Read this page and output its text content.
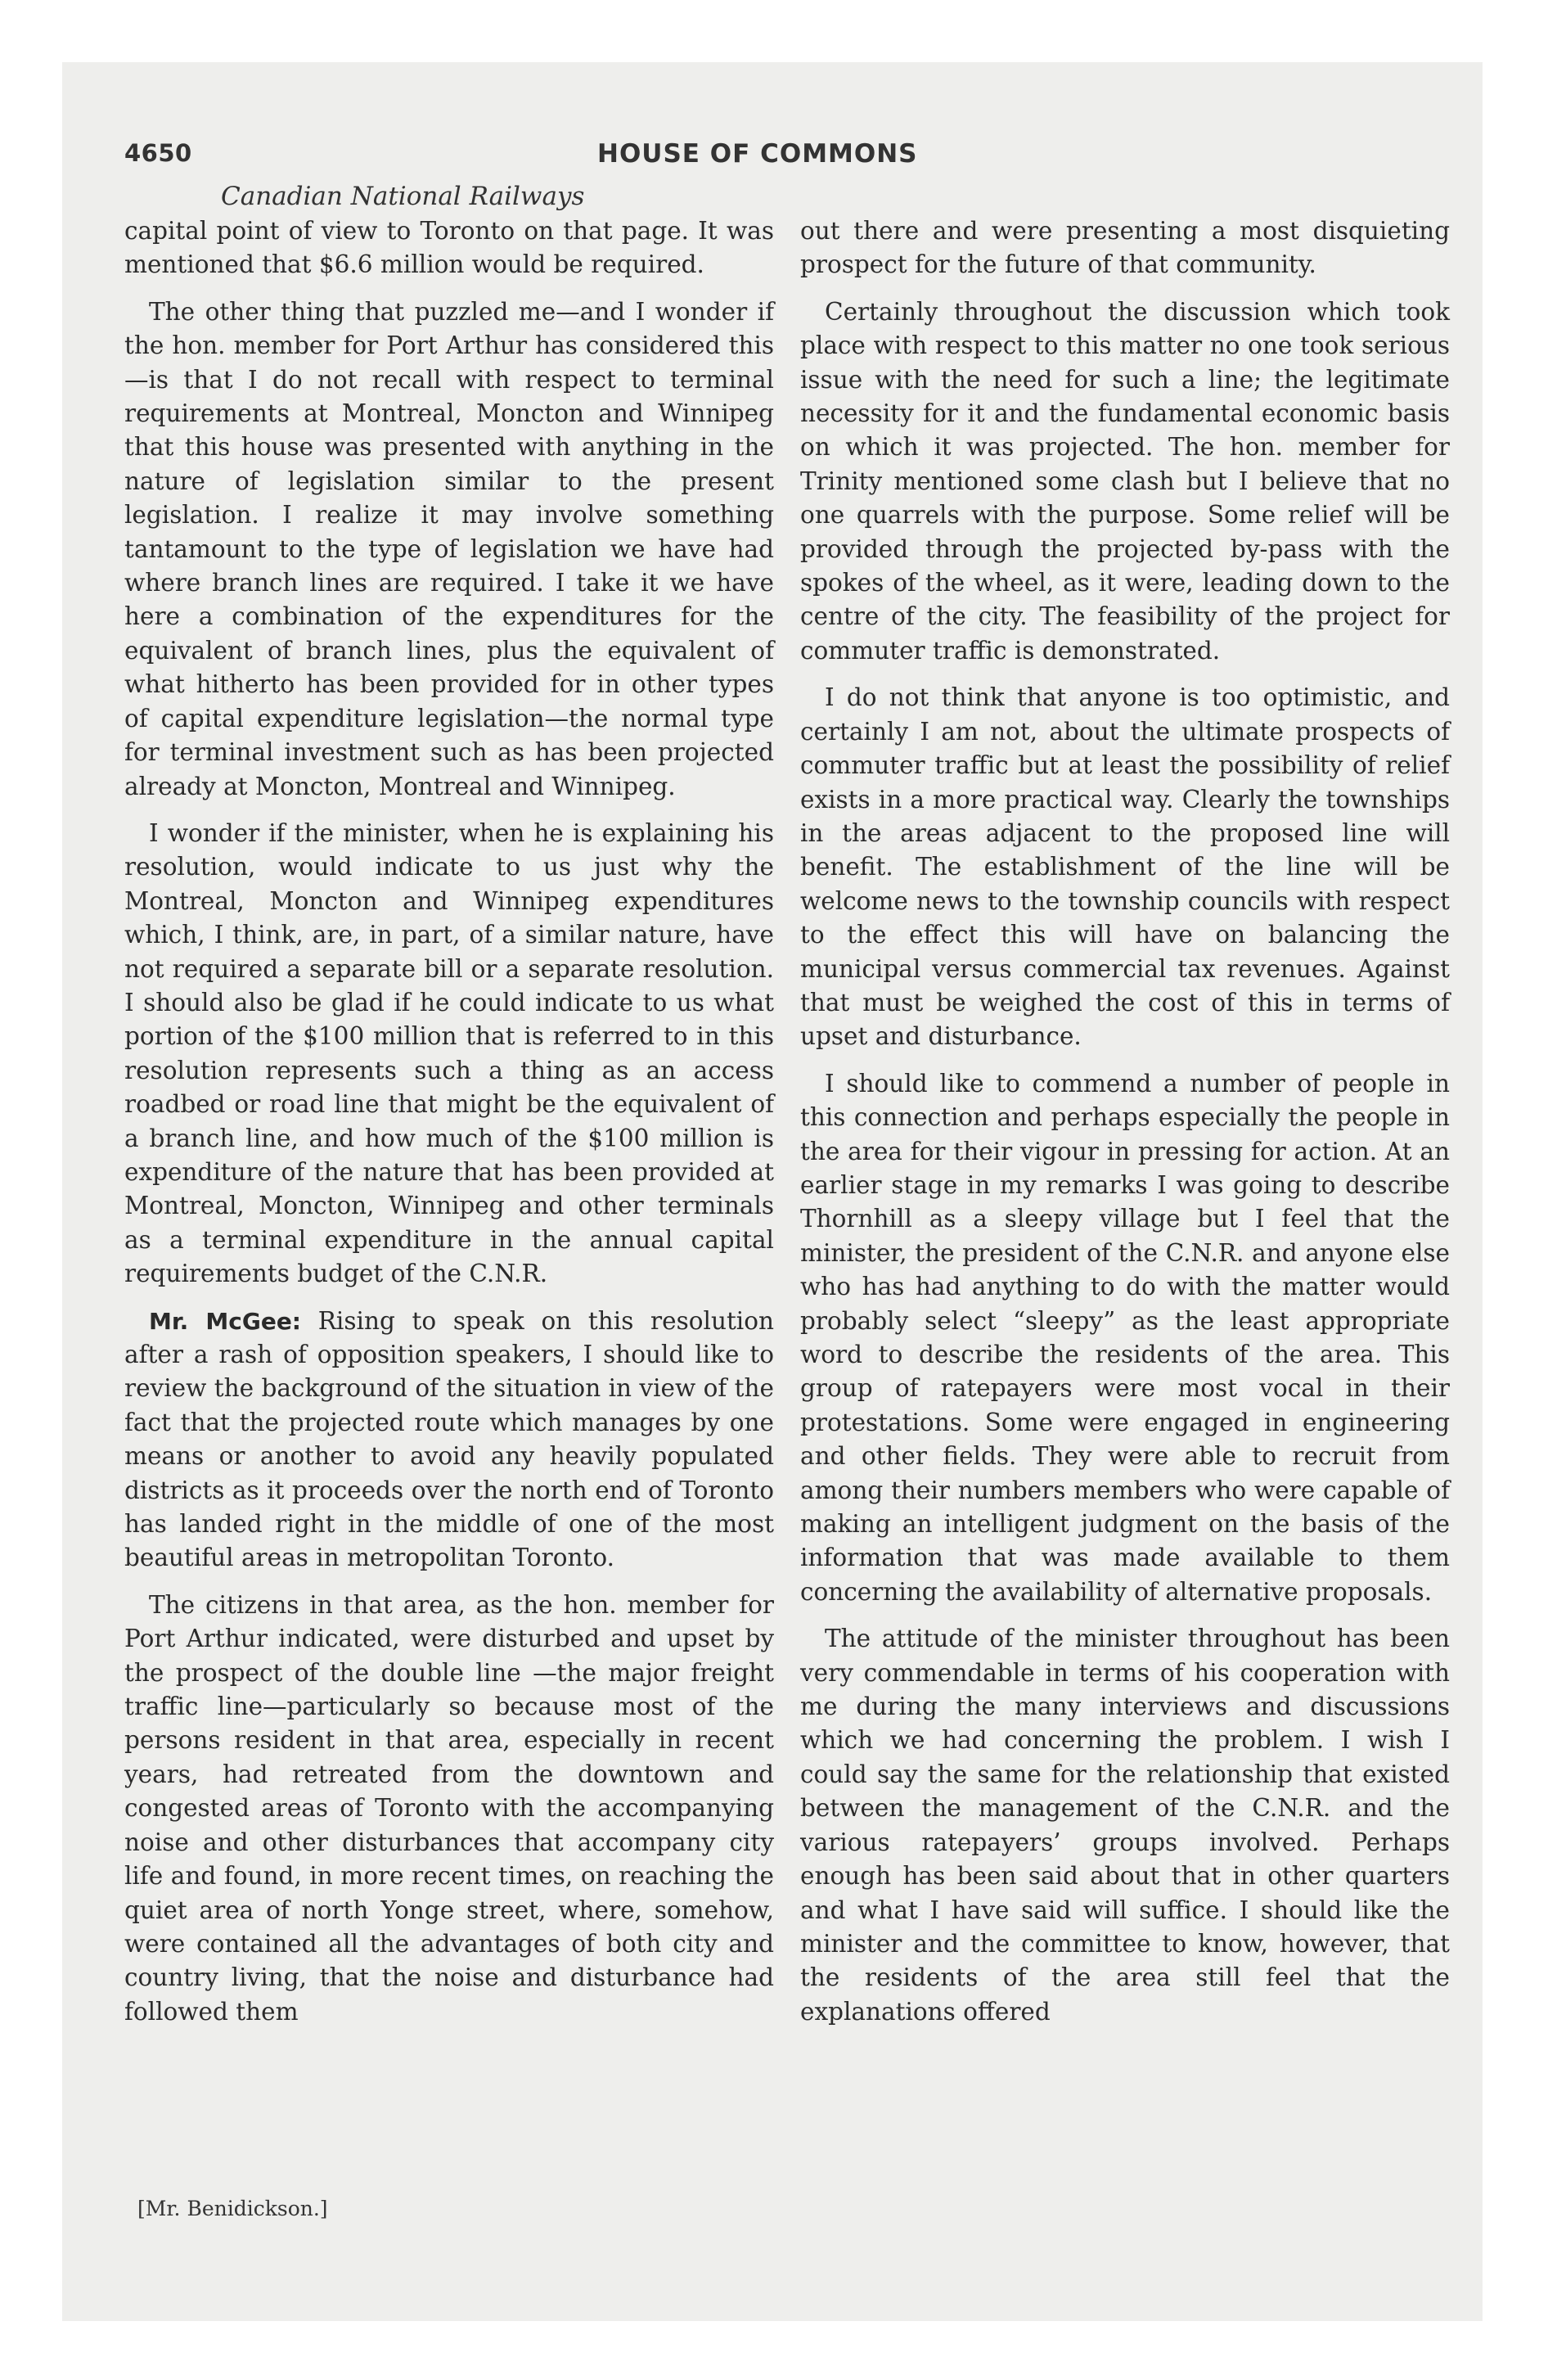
4650	HOUSE OF COMMONS
Canadian National Railways

capital point of view to Toronto on that page. It was mentioned that $6.6 million would be required.

The other thing that puzzled me—and I wonder if the hon. member for Port Arthur has considered this—is that I do not recall with respect to terminal requirements at Montreal, Moncton and Winnipeg that this house was presented with anything in the nature of legislation similar to the present legislation. I realize it may involve something tantamount to the type of legislation we have had where branch lines are required. I take it we have here a combination of the expenditures for the equivalent of branch lines, plus the equivalent of what hitherto has been provided for in other types of capital expenditure legislation—the normal type for terminal investment such as has been projected already at Moncton, Montreal and Winnipeg.

I wonder if the minister, when he is explaining his resolution, would indicate to us just why the Montreal, Moncton and Winnipeg expenditures which, I think, are, in part, of a similar nature, have not required a separate bill or a separate resolution. I should also be glad if he could indicate to us what portion of the $100 million that is referred to in this resolution represents such a thing as an access roadbed or road line that might be the equivalent of a branch line, and how much of the $100 million is expenditure of the nature that has been provided at Montreal, Moncton, Winnipeg and other terminals as a terminal expenditure in the annual capital requirements budget of the C.N.R.

Mr. McGee: Rising to speak on this resolution after a rash of opposition speakers, I should like to review the background of the situation in view of the fact that the projected route which manages by one means or another to avoid any heavily populated districts as it proceeds over the north end of Toronto has landed right in the middle of one of the most beautiful areas in metropolitan Toronto.

The citizens in that area, as the hon. member for Port Arthur indicated, were disturbed and upset by the prospect of the double line —the major freight traffic line—particularly so because most of the persons resident in that area, especially in recent years, had retreated from the downtown and congested areas of Toronto with the accompanying noise and other disturbances that accompany city life and found, in more recent times, on reaching the quiet area of north Yonge street, where, somehow, were contained all the advantages of both city and country living, that the noise and disturbance had followed them

out there and were presenting a most disquieting prospect for the future of that community.

Certainly throughout the discussion which took place with respect to this matter no one took serious issue with the need for such a line; the legitimate necessity for it and the fundamental economic basis on which it was projected. The hon. member for Trinity mentioned some clash but I believe that no one quarrels with the purpose. Some relief will be provided through the projected by-pass with the spokes of the wheel, as it were, leading down to the centre of the city. The feasibility of the project for commuter traffic is demonstrated.

I do not think that anyone is too optimistic, and certainly I am not, about the ultimate prospects of commuter traffic but at least the possibility of relief exists in a more practical way. Clearly the townships in the areas adjacent to the proposed line will benefit. The establishment of the line will be welcome news to the township councils with respect to the effect this will have on balancing the municipal versus commercial tax revenues. Against that must be weighed the cost of this in terms of upset and disturbance.

I should like to commend a number of people in this connection and perhaps especially the people in the area for their vigour in pressing for action. At an earlier stage in my remarks I was going to describe Thornhill as a sleepy village but I feel that the minister, the president of the C.N.R. and anyone else who has had anything to do with the matter would probably select “sleepy” as the least appropriate word to describe the residents of the area. This group of ratepayers were most vocal in their protestations. Some were engaged in engineering and other fields. They were able to recruit from among their numbers members who were capable of making an intelligent judgment on the basis of the information that was made available to them concerning the availability of alternative proposals.

The attitude of the minister throughout has been very commendable in terms of his cooperation with me during the many interviews and discussions which we had concerning the problem. I wish I could say the same for the relationship that existed between the management of the C.N.R. and the various ratepayers’ groups involved. Perhaps enough has been said about that in other quarters and what I have said will suffice. I should like the minister and the committee to know, however, that the residents of the area still feel that the explanations offered

[Mr. Benidickson.]
